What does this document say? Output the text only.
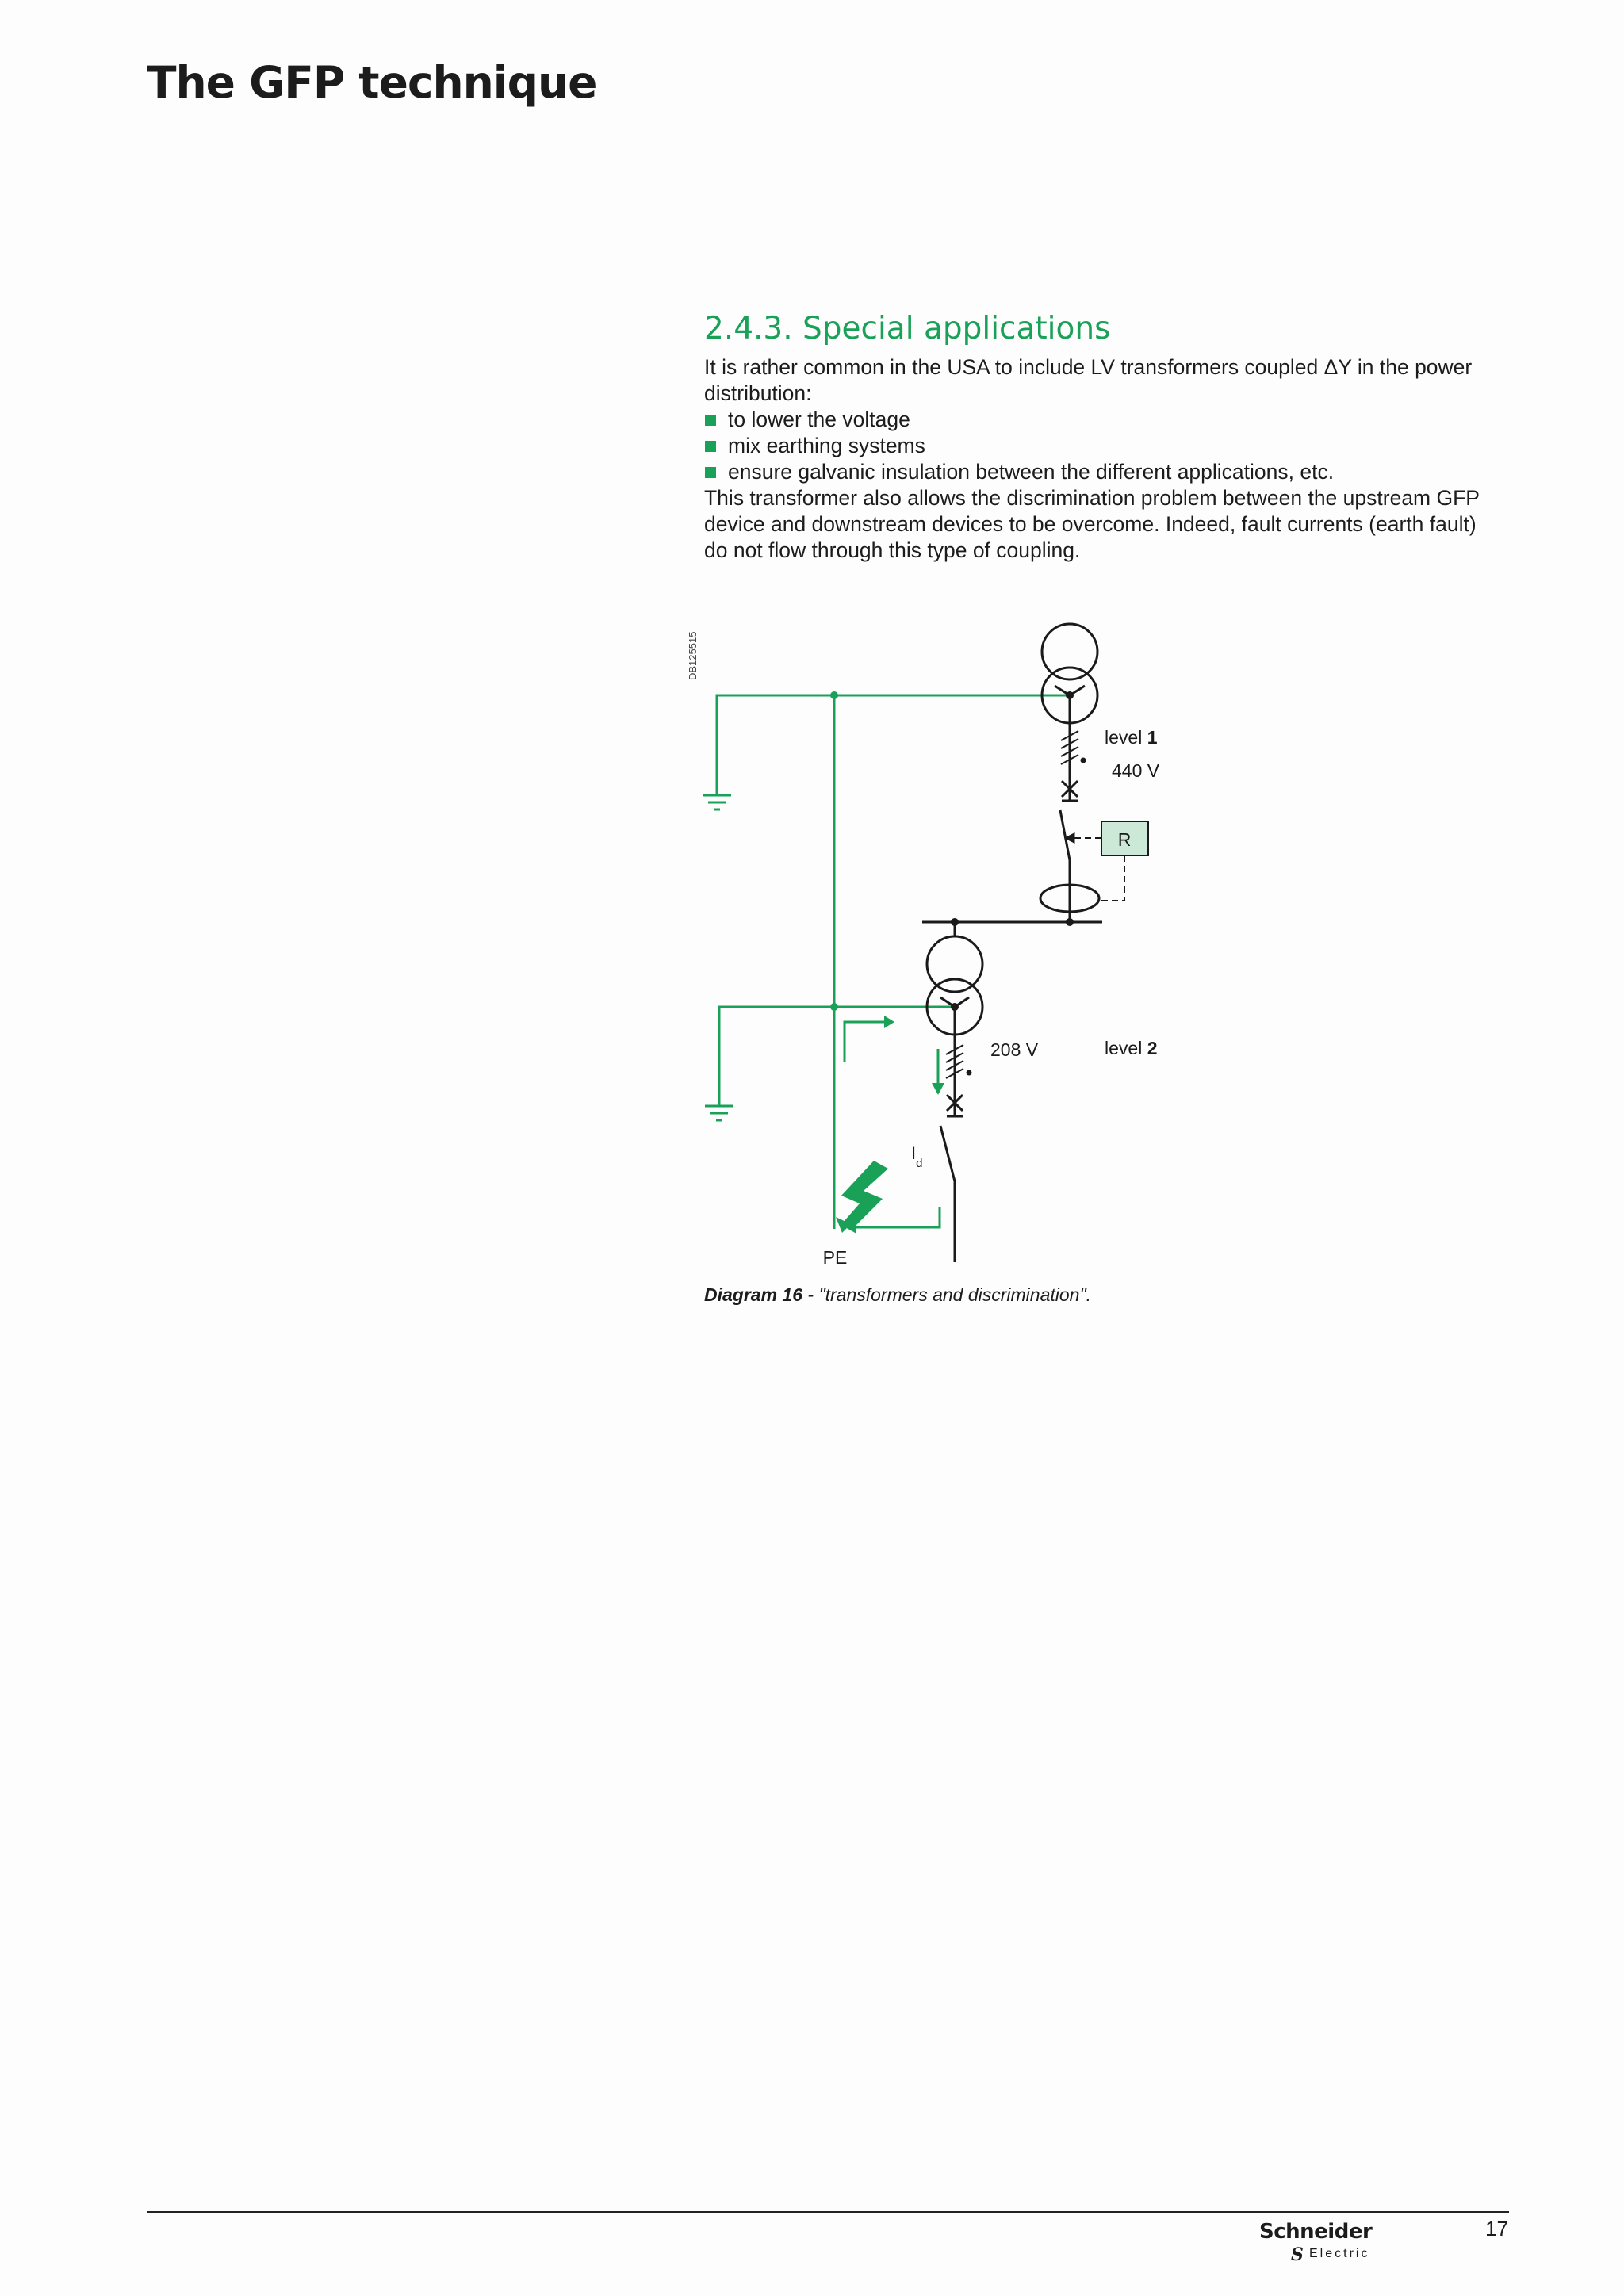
The GFP technique
2.4.3. Special applications

It is rather common in the USA to include LV transformers coupled ΔY in the power distribution:

to lower the voltage
mix earthing systems
ensure galvanic insulation between the different applications, etc.

This transformer also allows the discrimination problem between the upstream GFP device and downstream devices to be overcome. Indeed, fault currents (earth fault) do not flow through this type of coupling.

DB125515
level 1
440 V
R
208 V	level 2
$I_d$
PE
Diagram 16 - "transformers and discrimination".
Schneider
S Electric
17
